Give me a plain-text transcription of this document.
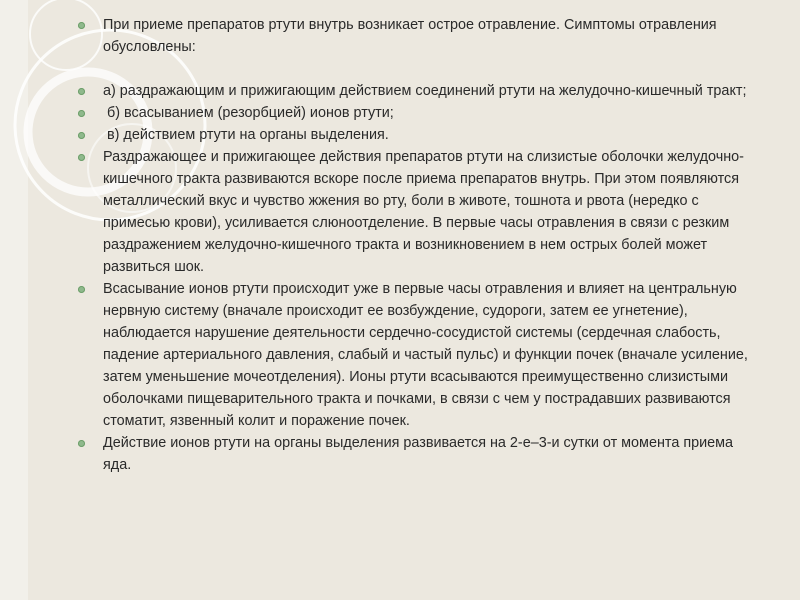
При приеме препаратов ртути внутрь возникает острое отравление. Симптомы отравления обусловлены:

а) раздражающим и прижигающим действием соединений ртути на желудочно-кишечный тракт;

б) всасыванием (резорбцией) ионов ртути;

в) действием ртути на органы выделения.

Раздражающее и прижигающее действия препаратов ртути на слизистые оболочки желудочно-кишечного тракта развиваются вскоре после приема препаратов внутрь. При этом появляются металлический вкус и чувство жжения во рту, боли в животе, тошнота и рвота (нередко с примесью крови), усиливается слюноотделение. В первые часы отравления в связи с резким раздражением желудочно-кишечного тракта и возникновением в нем острых болей может развиться шок.

Всасывание ионов ртути происходит уже в первые часы отравления и влияет на центральную нервную систему (вначале происходит ее возбуждение, судороги, затем ее угнетение), наблюдается нарушение деятельности сердечно-сосудистой системы (сердечная слабость, падение артериального давления, слабый и частый пульс) и функции почек (вначале усиление, затем уменьшение мочеотделения). Ионы ртути всасываются преимущественно слизистыми оболочками пищеварительного тракта и почками, в связи с чем у пострадавших развиваются стоматит, язвенный колит и поражение почек.

Действие ионов ртути на органы выделения развивается на 2-е–3-и сутки от момента приема яда.
